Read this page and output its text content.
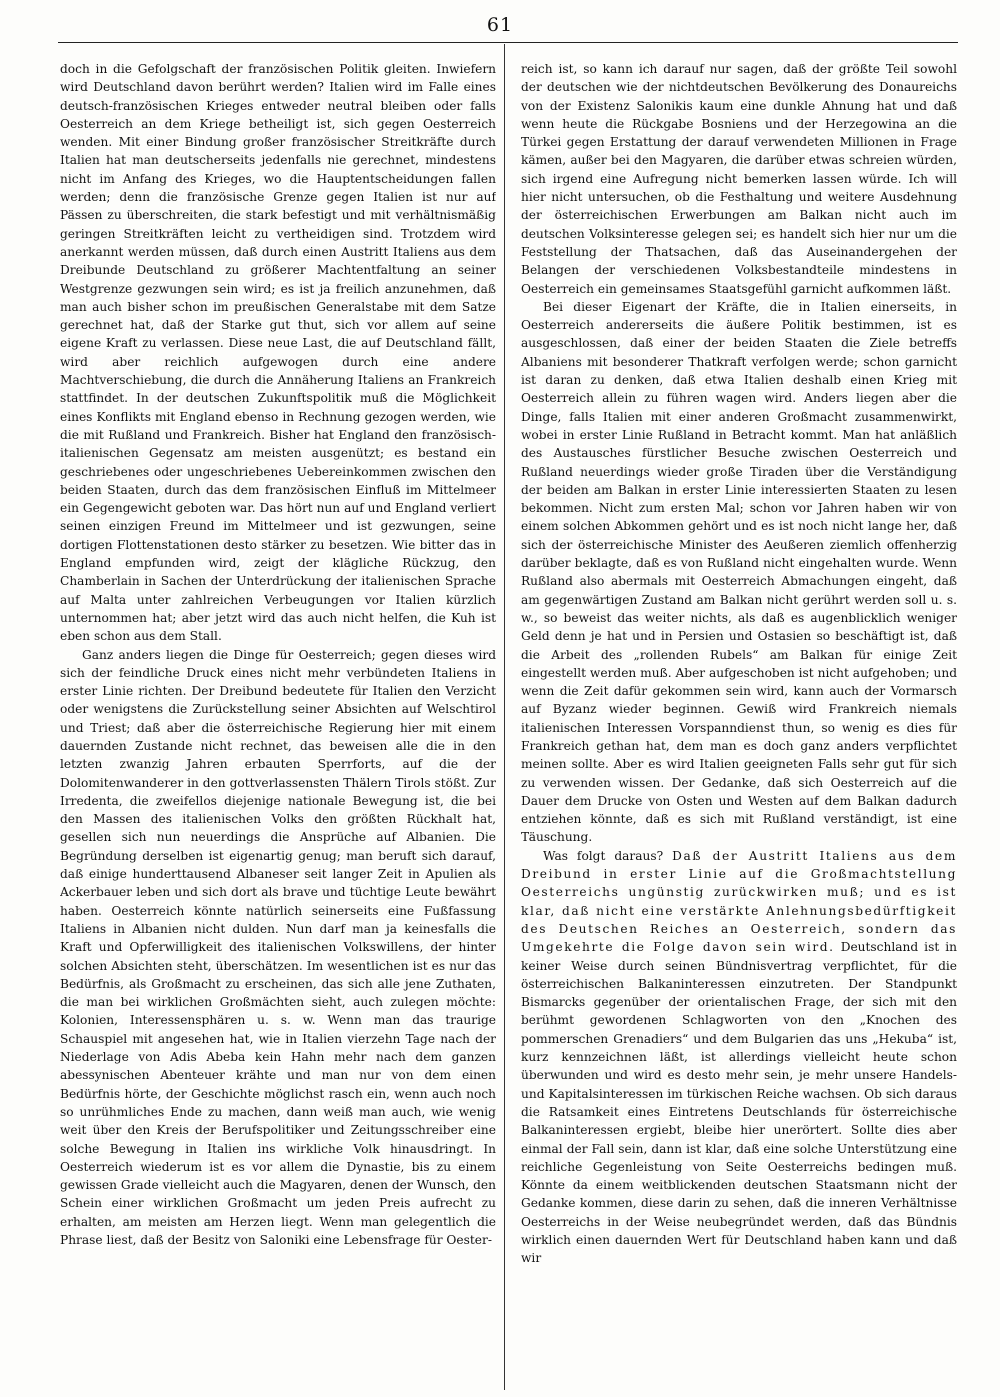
61

doch in die Gefolgschaft der französischen Politik gleiten. Inwiefern wird Deutschland davon berührt werden? Italien wird im Falle eines deutsch-französischen Krieges entweder neutral bleiben oder falls Oesterreich an dem Kriege betheiligt ist, sich gegen Oesterreich wenden. Mit einer Bindung großer französischer Streitkräfte durch Italien hat man deutscherseits jedenfalls nie gerechnet, mindestens nicht im Anfang des Krieges, wo die Hauptentscheidungen fallen werden; denn die französische Grenze gegen Italien ist nur auf Pässen zu überschreiten, die stark befestigt und mit verhältnismäßig geringen Streitkräften leicht zu vertheidigen sind. Trotzdem wird anerkannt werden müssen, daß durch einen Austritt Italiens aus dem Dreibunde Deutschland zu größerer Machtentfaltung an seiner Westgrenze gezwungen sein wird; es ist ja freilich anzunehmen, daß man auch bisher schon im preußischen Generalstabe mit dem Satze gerechnet hat, daß der Starke gut thut, sich vor allem auf seine eigene Kraft zu verlassen. Diese neue Last, die auf Deutschland fällt, wird aber reichlich aufgewogen durch eine andere Machtverschiebung, die durch die Annäherung Italiens an Frankreich stattfindet. In der deutschen Zukunftspolitik muß die Möglichkeit eines Konflikts mit England ebenso in Rechnung gezogen werden, wie die mit Rußland und Frankreich. Bisher hat England den französisch-italienischen Gegensatz am meisten ausgenützt; es bestand ein geschriebenes oder ungeschriebenes Uebereinkommen zwischen den beiden Staaten, durch das dem französischen Einfluß im Mittelmeer ein Gegengewicht geboten war. Das hört nun auf und England verliert seinen einzigen Freund im Mittelmeer und ist gezwungen, seine dortigen Flottenstationen desto stärker zu besetzen. Wie bitter das in England empfunden wird, zeigt der klägliche Rückzug, den Chamberlain in Sachen der Unterdrückung der italienischen Sprache auf Malta unter zahlreichen Verbeugungen vor Italien kürzlich unternommen hat; aber jetzt wird das auch nicht helfen, die Kuh ist eben schon aus dem Stall.

Ganz anders liegen die Dinge für Oesterreich; gegen dieses wird sich der feindliche Druck eines nicht mehr verbündeten Italiens in erster Linie richten. Der Dreibund bedeutete für Italien den Verzicht oder wenigstens die Zurückstellung seiner Absichten auf Welschtirol und Triest; daß aber die österreichische Regierung hier mit einem dauernden Zustande nicht rechnet, das beweisen alle die in den letzten zwanzig Jahren erbauten Sperrforts, auf die der Dolomitenwanderer in den gottverlassensten Thälern Tirols stößt. Zur Irredenta, die zweifellos diejenige nationale Bewegung ist, die bei den Massen des italienischen Volks den größten Rückhalt hat, gesellen sich nun neuerdings die Ansprüche auf Albanien. Die Begründung derselben ist eigenartig genug; man beruft sich darauf, daß einige hunderttausend Albaneser seit langer Zeit in Apulien als Ackerbauer leben und sich dort als brave und tüchtige Leute bewährt haben. Oesterreich könnte natürlich seinerseits eine Fußfassung Italiens in Albanien nicht dulden. Nun darf man ja keinesfalls die Kraft und Opferwilligkeit des italienischen Volkswillens, der hinter solchen Absichten steht, überschätzen. Im wesentlichen ist es nur das Bedürfnis, als Großmacht zu erscheinen, das sich alle jene Zuthaten, die man bei wirklichen Großmächten sieht, auch zulegen möchte: Kolonien, Interessensphären u. s. w. Wenn man das traurige Schauspiel mit angesehen hat, wie in Italien vierzehn Tage nach der Niederlage von Adis Abeba kein Hahn mehr nach dem ganzen abessynischen Abenteuer krähte und man nur von dem einen Bedürfnis hörte, der Geschichte möglichst rasch ein, wenn auch noch so unrühmliches Ende zu machen, dann weiß man auch, wie wenig weit über den Kreis der Berufspolitiker und Zeitungsschreiber eine solche Bewegung in Italien ins wirkliche Volk hinausdringt. In Oesterreich wiederum ist es vor allem die Dynastie, bis zu einem gewissen Grade vielleicht auch die Magyaren, denen der Wunsch, den Schein einer wirklichen Großmacht um jeden Preis aufrecht zu erhalten, am meisten am Herzen liegt. Wenn man gelegentlich die Phrase liest, daß der Besitz von Saloniki eine Lebensfrage für Oester-

reich ist, so kann ich darauf nur sagen, daß der größte Teil sowohl der deutschen wie der nichtdeutschen Bevölkerung des Donaureichs von der Existenz Salonikis kaum eine dunkle Ahnung hat und daß wenn heute die Rückgabe Bosniens und der Herzegowina an die Türkei gegen Erstattung der darauf verwendeten Millionen in Frage kämen, außer bei den Magyaren, die darüber etwas schreien würden, sich irgend eine Aufregung nicht bemerken lassen würde. Ich will hier nicht untersuchen, ob die Festhaltung und weitere Ausdehnung der österreichischen Erwerbungen am Balkan nicht auch im deutschen Volksinteresse gelegen sei; es handelt sich hier nur um die Feststellung der Thatsachen, daß das Auseinandergehen der Belangen der verschiedenen Volksbestandteile mindestens in Oesterreich ein gemeinsames Staatsgefühl garnicht aufkommen läßt.

Bei dieser Eigenart der Kräfte, die in Italien einerseits, in Oesterreich andererseits die äußere Politik bestimmen, ist es ausgeschlossen, daß einer der beiden Staaten die Ziele betreffs Albaniens mit besonderer Thatkraft verfolgen werde; schon garnicht ist daran zu denken, daß etwa Italien deshalb einen Krieg mit Oesterreich allein zu führen wagen wird. Anders liegen aber die Dinge, falls Italien mit einer anderen Großmacht zusammenwirkt, wobei in erster Linie Rußland in Betracht kommt. Man hat anläßlich des Austausches fürstlicher Besuche zwischen Oesterreich und Rußland neuerdings wieder große Tiraden über die Verständigung der beiden am Balkan in erster Linie interessierten Staaten zu lesen bekommen. Nicht zum ersten Mal; schon vor Jahren haben wir von einem solchen Abkommen gehört und es ist noch nicht lange her, daß sich der österreichische Minister des Aeußeren ziemlich offenherzig darüber beklagte, daß es von Rußland nicht eingehalten wurde. Wenn Rußland also abermals mit Oesterreich Abmachungen eingeht, daß am gegenwärtigen Zustand am Balkan nicht gerührt werden soll u. s. w., so beweist das weiter nichts, als daß es augenblicklich weniger Geld denn je hat und in Persien und Ostasien so beschäftigt ist, daß die Arbeit des „rollenden Rubels“ am Balkan für einige Zeit eingestellt werden muß. Aber aufgeschoben ist nicht aufgehoben; und wenn die Zeit dafür gekommen sein wird, kann auch der Vormarsch auf Byzanz wieder beginnen. Gewiß wird Frankreich niemals italienischen Interessen Vorspanndienst thun, so wenig es dies für Frankreich gethan hat, dem man es doch ganz anders verpflichtet meinen sollte. Aber es wird Italien geeigneten Falls sehr gut für sich zu verwenden wissen. Der Gedanke, daß sich Oesterreich auf die Dauer dem Drucke von Osten und Westen auf dem Balkan dadurch entziehen könnte, daß es sich mit Rußland verständigt, ist eine Täuschung.

Was folgt daraus? Daß der Austritt Italiens aus dem Dreibund in erster Linie auf die Großmachtstellung Oesterreichs ungünstig zurückwirken muß; und es ist klar, daß nicht eine verstärkte Anlehnungsbedürftigkeit des Deutschen Reiches an Oesterreich, sondern das Umgekehrte die Folge davon sein wird. Deutschland ist in keiner Weise durch seinen Bündnisvertrag verpflichtet, für die österreichischen Balkaninteressen einzutreten. Der Standpunkt Bismarcks gegenüber der orientalischen Frage, der sich mit den berühmt gewordenen Schlagworten von den „Knochen des pommerschen Grenadiers“ und dem Bulgarien das uns „Hekuba“ ist, kurz kennzeichnen läßt, ist allerdings vielleicht heute schon überwunden und wird es desto mehr sein, je mehr unsere Handels- und Kapitalsinteressen im türkischen Reiche wachsen. Ob sich daraus die Ratsamkeit eines Eintretens Deutschlands für österreichische Balkaninteressen ergiebt, bleibe hier unerörtert. Sollte dies aber einmal der Fall sein, dann ist klar, daß eine solche Unterstützung eine reichliche Gegenleistung von Seite Oesterreichs bedingen muß. Könnte da einem weitblickenden deutschen Staatsmann nicht der Gedanke kommen, diese darin zu sehen, daß die inneren Verhältnisse Oesterreichs in der Weise neubegründet werden, daß das Bündnis wirklich einen dauernden Wert für Deutschland haben kann und daß wir
